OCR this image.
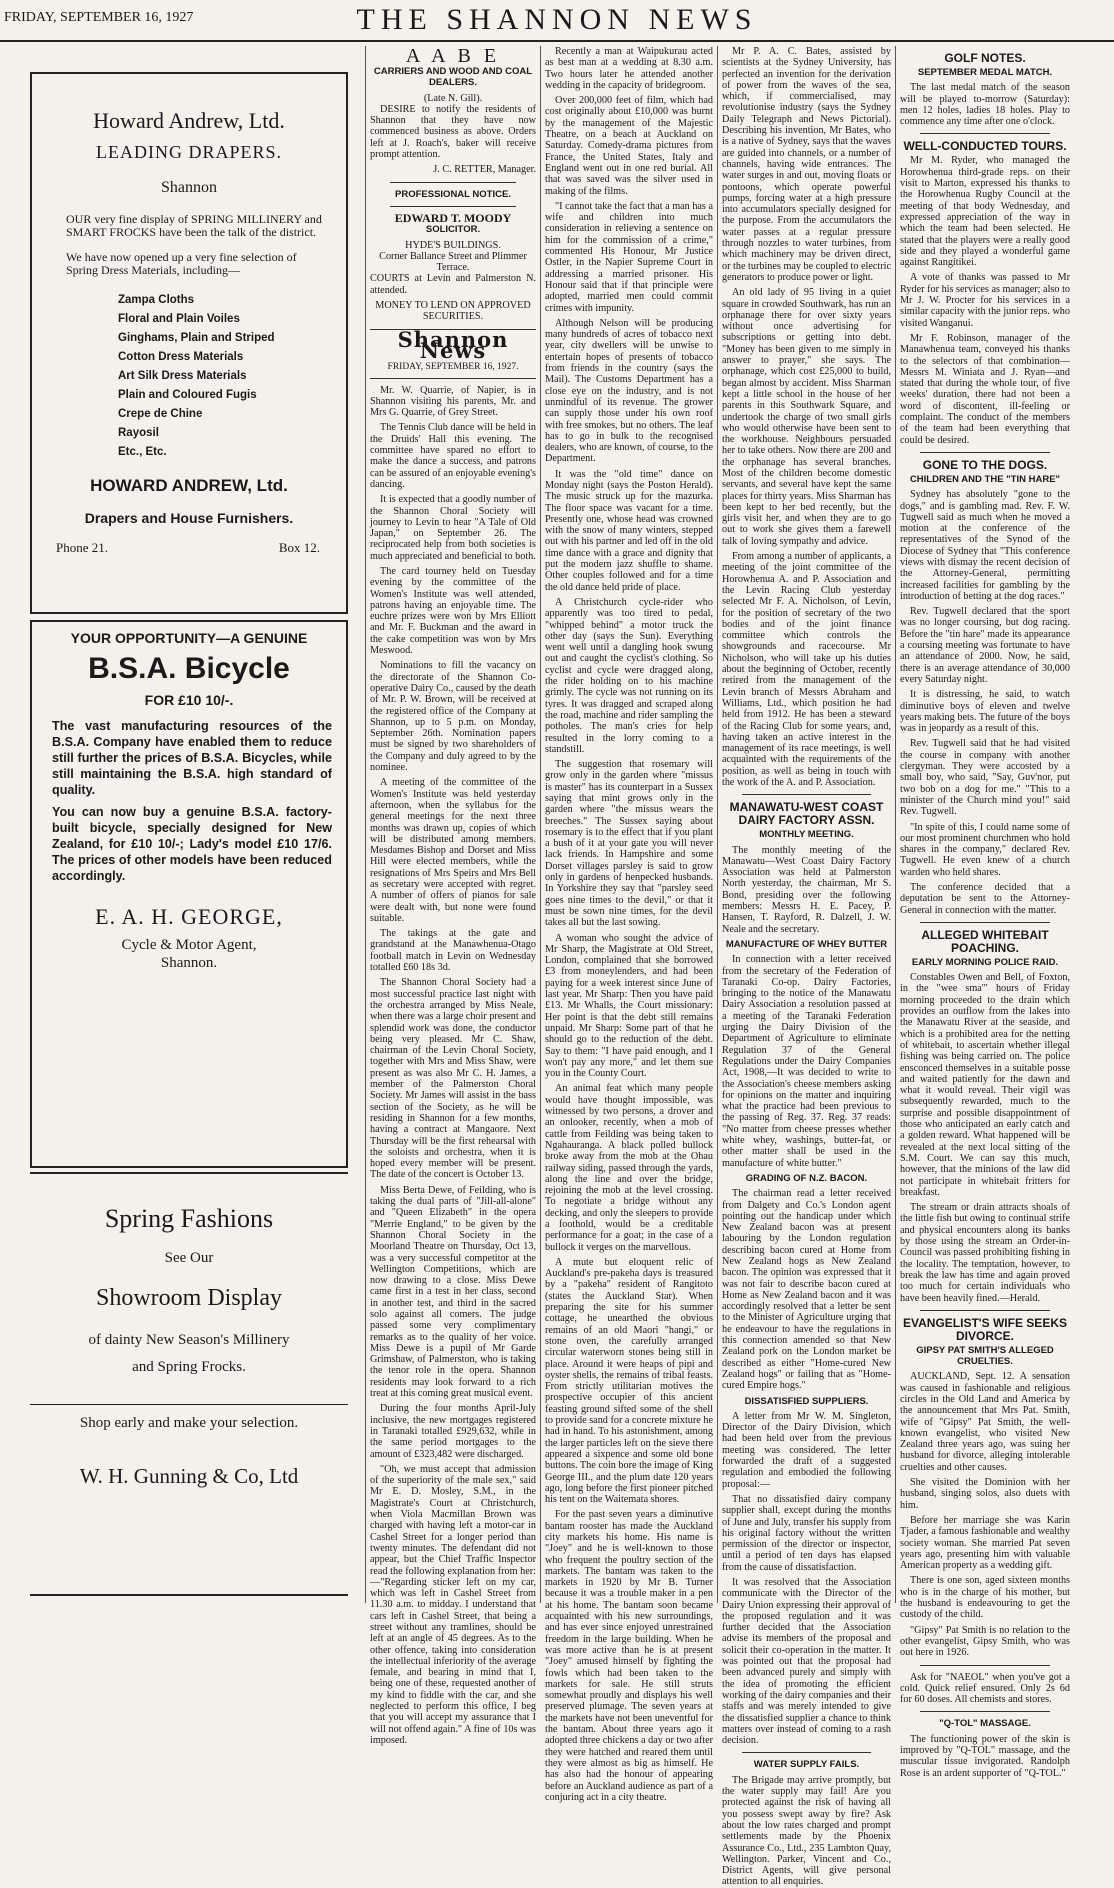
FRIDAY, SEPTEMBER 16, 1927	THE SHANNON NEWS
Howard Andrew, Ltd.
LEADING DRAPERS.
Shannon
OUR very fine display of SPRING MILLINERY and SMART FROCKS have been the talk of the district.
We have now opened up a very fine selection of Spring Dress Materials, including—
Zampa Cloths
Floral and Plain Voiles
Ginghams, Plain and Striped
Cotton Dress Materials
Art Silk Dress Materials
Plain and Coloured Fugis
Crepe de Chine
Rayosil
Etc., Etc.
HOWARD ANDREW, Ltd.
Drapers and House Furnishers.
Phone 21.	Box 12.
YOUR OPPORTUNITY—A GENUINE
B.S.A. Bicycle
FOR £10 10/-.
The vast manufacturing resources of the B.S.A. Company have enabled them to reduce still further the prices of B.S.A. Bicycles, while still maintaining the B.S.A. high standard of quality.
You can now buy a genuine B.S.A. factory-built bicycle, specially designed for New Zealand, for £10 10/-; Lady's model £10 17/6. The prices of other models have been reduced accordingly.
E. A. H. GEORGE,
Cycle & Motor Agent,
Shannon.
Spring Fashions
See Our
Showroom Display
of dainty New Season's Millinery
and Spring Frocks.
Shop early and make your selection.
W. H. Gunning & Co, Ltd
A A B E
CARRIERS AND WOOD AND COAL DEALERS.
(Late N. Gill).

DESIRE to notify the residents of Shannon that they have now commenced business as above. Orders left at J. Roach's, baker will receive prompt attention.

J. C. RETTER, Manager.
PROFESSIONAL NOTICE.
EDWARD T. MOODY
SOLICITOR.
HYDE'S BUILDINGS.
Corner Ballance Street and Plimmer Terrace.

COURTS at Levin and Palmerston N. attended.

MONEY TO LEND ON APPROVED SECURITIES.
Shannon News
FRIDAY, SEPTEMBER 16, 1927.

Mr. W. Quarrie, of Napier, is in Shannon visiting his parents, Mr. and Mrs G. Quarrie, of Grey Street.

The Tennis Club dance will be held in the Druids' Hall this evening. The committee have spared no effort to make the dance a success, and patrons can be assured of an enjoyable evening's dancing.

It is expected that a goodly number of the Shannon Choral Society will journey to Levin to hear "A Tale of Old Japan," on September 26. The reciprocated help from both societies is much appreciated and beneficial to both.

The card tourney held on Tuesday evening by the committee of the Women's Institute was well attended, patrons having an enjoyable time. The euchre prizes were won by Mrs Elliott and Mr. F. Buckman and the award in the cake competition was won by Mrs Meswood.

Nominations to fill the vacancy on the directorate of the Shannon Co-operative Dairy Co., caused by the death of Mr. P. W. Brown, will be received at the registered office of the Company at Shannon, up to 5 p.m. on Monday, September 26th. Nomination papers must be signed by two shareholders of the Company and duly agreed to by the nominee.

A meeting of the committee of the Women's Institute was held yesterday afternoon, when the syllabus for the general meetings for the next three months was drawn up, copies of which will be distributed among members. Mesdames Bishop and Dorset and Miss Hill were elected members, while the resignations of Mrs Speirs and Mrs Bell as secretary were accepted with regret. A number of offers of pianos for sale were dealt with, but none were found suitable.

The takings at the gate and grandstand at the Manawhenua-Otago football match in Levin on Wednesday totalled £60 18s 3d.

The Shannon Choral Society had a most successful practice last night with the orchestra arranged by Miss Neale, when there was a large choir present and splendid work was done, the conductor being very pleased. Mr C. Shaw, chairman of the Levin Choral Society, together with Mrs and Miss Shaw, were present as was also Mr C. H. James, a member of the Palmerston Choral Society. Mr James will assist in the bass section of the Society, as he will be residing in Shannon for a few months, having a contract at Mangaore. Next Thursday will be the first rehearsal with the soloists and orchestra, when it is hoped every member will be present. The date of the concert is October 13.

Miss Berta Dewe, of Feilding, who is taking the dual parts of "Jill-all-alone" and "Queen Elizabeth" in the opera "Merrie England," to be given by the Shannon Choral Society in the Moorland Theatre on Thursday, Oct 13, was a very successful competitor at the Wellington Competitions, which are now drawing to a close. Miss Dewe came first in a test in her class, second in another test, and third in the sacred solo against all comers. The judge passed some very complimentary remarks as to the quality of her voice. Miss Dewe is a pupil of Mr Garde Grimshaw, of Palmerston, who is taking the tenor role in the opera. Shannon residents may look forward to a rich treat at this coming great musical event.

During the four months April-July inclusive, the new mortgages registered in Taranaki totalled £929,632, while in the same period mortgages to the amount of £323,482 were discharged.

"Oh, we must accept that admission of the superiority of the male sex," said Mr E. D. Mosley, S.M., in the Magistrate's Court at Christchurch, when Viola Macmillan Brown was charged with having left a motor-car in Cashel Street for a longer period than twenty minutes. The defendant did not appear, but the Chief Traffic Inspector read the following explanation from her:—"Regarding sticker left on my car, which was left in Cashel Street from 11.30 a.m. to midday. I understand that cars left in Cashel Street, that being a street without any tramlines, should be left at an angle of 45 degrees. As to the other offence, taking into consideration the intellectual inferiority of the average female, and bearing in mind that I, being one of these, requested another of my kind to fiddle with the car, and she neglected to perform this office, I beg that you will accept my assurance that I will not offend again." A fine of 10s was imposed.

Recently a man at Waipukurau acted as best man at a wedding at 8.30 a.m. Two hours later he attended another wedding in the capacity of bridegroom.

Over 200,000 feet of film, which had cost originally about £10,000 was burnt by the management of the Majestic Theatre, on a beach at Auckland on Saturday. Comedy-drama pictures from France, the United States, Italy and England went out in one red burial. All that was saved was the silver used in making of the films.

"I cannot take the fact that a man has a wife and children into much consideration in relieving a sentence on him for the commission of a crime," commented His Honour, Mr Justice Ostler, in the Napier Supreme Court in addressing a married prisoner. His Honour said that if that principle were adopted, married men could commit crimes with impunity.

Although Nelson will be producing many hundreds of acres of tobacco next year, city dwellers will be unwise to entertain hopes of presents of tobacco from friends in the country (says the Mail). The Customs Department has a close eye on the industry, and is not unmindful of its revenue. The grower can supply those under his own roof with free smokes, but no others. The leaf has to go in bulk to the recognised dealers, who are known, of course, to the Department.

It was the "old time" dance on Monday night (says the Poston Herald). The music struck up for the mazurka. The floor space was vacant for a time. Presently one, whose head was crowned with the snow of many winters, stepped out with his partner and led off in the old time dance with a grace and dignity that put the modern jazz shuffle to shame. Other couples followed and for a time the old dance held pride of place.

A Christchurch cycle-rider who apparently was too tired to pedal, "whipped behind" a motor truck the other day (says the Sun). Everything went well until a dangling hook swung out and caught the cyclist's clothing. So cyclist and cycle were dragged along, the rider holding on to his machine grimly. The cycle was not running on its tyres. It was dragged and scraped along the road, machine and rider sampling the potholes. The man's cries for help resulted in the lorry coming to a standstill.

The suggestion that rosemary will grow only in the garden where "missus is master" has its counterpart in a Sussex saying that mint grows only in the garden where "the missus wears the breeches." The Sussex saying about rosemary is to the effect that if you plant a bush of it at your gate you will never lack friends. In Hampshire and some Dorset villages parsley is said to grow only in gardens of henpecked husbands. In Yorkshire they say that "parsley seed goes nine times to the devil," or that it must be sown nine times, for the devil takes all but the last sowing.

A woman who sought the advice of Mr Sharp, the Magistrate at Old Street, London, complained that she borrowed £3 from moneylenders, and had been paying for a week interest since June of last year. Mr Sharp: Then you have paid £13. Mr Whalls, the Court missionary: Her point is that the debt still remains unpaid. Mr Sharp: Some part of that he should go to the reduction of the debt. Say to them: "I have paid enough, and I won't pay any more," and let them sue you in the County Court.

An animal feat which many people would have thought impossible, was witnessed by two persons, a drover and an onlooker, recently, when a mob of cattle from Feilding was being taken to Ngahauranga. A black polled bullock broke away from the mob at the Ohau railway siding, passed through the yards, along the line and over the bridge, rejoining the mob at the level crossing. To negotiate a bridge without any decking, and only the sleepers to provide a foothold, would be a creditable performance for a goat; in the case of a bullock it verges on the marvellous.

A mute but eloquent relic of Auckland's pre-pakeha days is treasured by a "pakeha" resident of Rangitoto (states the Auckland Star). When preparing the site for his summer cottage, he unearthed the obvious remains of an old Maori "hangi," or stone oven, the carefully arranged circular waterworn stones being still in place. Around it were heaps of pipi and oyster shells, the remains of tribal feasts. From strictly utilitarian motives the prospective occupier of this ancient feasting ground sifted some of the shell to provide sand for a concrete mixture he had in hand. To his astonishment, among the larger particles left on the sieve there appeared a sixpence and some old bone buttons. The coin bore the image of King George III., and the plum date 120 years ago, long before the first pioneer pitched his tent on the Waitemata shores.

For the past seven years a diminutive bantam rooster has made the Auckland city markets his home. His name is "Joey" and he is well-known to those who frequent the poultry section of the markets. The bantam was taken to the markets in 1920 by Mr B. Turner because it was a trouble maker in a pen at his home. The bantam soon became acquainted with his new surroundings, and has ever since enjoyed unrestrained freedom in the large building. When he was more active than he is at present "Joey" amused himself by fighting the fowls which had been taken to the markets for sale. He still struts somewhat proudly and displays his well preserved plumage. The seven years at the markets have not been uneventful for the bantam. About three years ago it adopted three chickens a day or two after they were hatched and reared them until they were almost as big as himself. He has also had the honour of appearing before an Auckland audience as part of a conjuring act in a city theatre.

Mr P. A. C. Bates, assisted by scientists at the Sydney University, has perfected an invention for the derivation of power from the waves of the sea, which, if commercialised, may revolutionise industry (says the Sydney Daily Telegraph and News Pictorial). Describing his invention, Mr Bates, who is a native of Sydney, says that the waves are guided into channels, or a number of channels, having wide entrances. The water surges in and out, moving floats or pontoons, which operate powerful pumps, forcing water at a high pressure into accumulators specially designed for the purpose. From the accumulators the water passes at a regular pressure through nozzles to water turbines, from which machinery may be driven direct, or the turbines may be coupled to electric generators to produce power or light.

An old lady of 95 living in a quiet square in crowded Southwark, has run an orphanage there for over sixty years without once advertising for subscriptions or getting into debt. "Money has been given to me simply in answer to prayer," she says. The orphanage, which cost £25,000 to build, began almost by accident. Miss Sharman kept a little school in the house of her parents in this Southwark Square, and undertook the charge of two small girls who would otherwise have been sent to the workhouse. Neighbours persuaded her to take others. Now there are 200 and the orphanage has several branches. Most of the children become domestic servants, and several have kept the same places for thirty years. Miss Sharman has been kept to her bed recently, but the girls visit her, and when they are to go out to work she gives them a farewell talk of loving sympathy and advice.

From among a number of applicants, a meeting of the joint committee of the Horowhenua A. and P. Association and the Levin Racing Club yesterday selected Mr F. A. Nicholson, of Levin, for the position of secretary of the two bodies and of the joint finance committee which controls the showgrounds and racecourse. Mr Nicholson, who will take up his duties about the beginning of October, recently retired from the management of the Levin branch of Messrs Abraham and Williams, Ltd., which position he had held from 1912. He has been a steward of the Racing Club for some years, and, having taken an active interest in the management of its race meetings, is well acquainted with the requirements of the position, as well as being in touch with the work of the A. and P. Association.

MANAWATU-WEST COAST DAIRY FACTORY ASSN.
MONTHLY MEETING.

The monthly meeting of the Manawatu—West Coast Dairy Factory Association was held at Palmerston North yesterday, the chairman, Mr S. Bond, presiding over the following members: Messrs H. E. Pacey, P. Hansen, T. Rayford, R. Dalzell, J. W. Neale and the secretary.

MANUFACTURE OF WHEY BUTTER

In connection with a letter received from the secretary of the Federation of Taranaki Co-op. Dairy Factories, bringing to the notice of the Manawatu Dairy Association a resolution passed at a meeting of the Taranaki Federation urging the Dairy Division of the Department of Agriculture to eliminate Regulation 37 of the General Regulations under the Dairy Companies Act, 1908,—It was decided to write to the Association's cheese members asking for opinions on the matter and inquiring what the practice had been previous to the passing of Reg. 37. Reg. 37 reads: "No matter from cheese presses whether white whey, washings, butter-fat, or other matter shall be used in the manufacture of white butter."

GRADING OF N.Z. BACON.

The chairman read a letter received from Dalgety and Co.'s London agent pointing out the handicap under which New Zealand bacon was at present labouring by the London regulation describing bacon cured at Home from New Zealand hogs as New Zealand bacon. The opinion was expressed that it was not fair to describe bacon cured at Home as New Zealand bacon and it was accordingly resolved that a letter be sent to the Minister of Agriculture urging that he endeavour to have the regulations in this connection amended so that New Zealand pork on the London market be described as either "Home-cured New Zealand hogs" or failing that as "Home-cured Empire hogs."

DISSATISFIED SUPPLIERS.

A letter from Mr W. M. Singleton, Director of the Dairy Division, which had been held over from the previous meeting was considered. The letter forwarded the draft of a suggested regulation and embodied the following proposal:—

That no dissatisfied dairy company supplier shall, except during the months of June and July, transfer his supply from his original factory without the written permission of the director or inspector, until a period of ten days has elapsed from the cause of dissatisfaction.

It was resolved that the Association communicate with the Director of the Dairy Union expressing their approval of the proposed regulation and it was further decided that the Association advise its members of the proposal and solicit their co-operation in the matter. It was pointed out that the proposal had been advanced purely and simply with the idea of promoting the efficient working of the dairy companies and their staffs and was merely intended to give the dissatisfied supplier a chance to think matters over instead of coming to a rash decision.

WATER SUPPLY FAILS.

The Brigade may arrive promptly, but the water supply may fail! Are you protected against the risk of having all you possess swept away by fire? Ask about the low rates charged and prompt settlements made by the Phoenix Assurance Co., Ltd., 235 Lambton Quay, Wellington. Parker, Vincent and Co., District Agents, will give personal attention to all enquiries.

GOLF NOTES.
SEPTEMBER MEDAL MATCH.

The last medal match of the season will be played to-morrow (Saturday): men 12 holes, ladies 18 holes. Play to commence any time after one o'clock.

WELL-CONDUCTED TOURS.

Mr M. Ryder, who managed the Horowhenua third-grade reps. on their visit to Marton, expressed his thanks to the Horowhenua Rugby Council at the meeting of that body Wednesday, and expressed appreciation of the way in which the team had been selected. He stated that the players were a really good side and they played a wonderful game against Rangitikei.

A vote of thanks was passed to Mr Ryder for his services as manager; also to Mr J. W. Procter for his services in a similar capacity with the junior reps. who visited Wanganui.

Mr F. Robinson, manager of the Manawhenua team, conveyed his thanks to the selectors of that combination—Messrs M. Winiata and J. Ryan—and stated that during the whole tour, of five weeks' duration, there had not been a word of discontent, ill-feeling or complaint. The conduct of the members of the team had been everything that could be desired.

GONE TO THE DOGS.
CHILDREN AND THE "TIN HARE"

Sydney has absolutely "gone to the dogs," and is gambling mad. Rev. F. W. Tugwell said as much when he moved a motion at the conference of the representatives of the Synod of the Diocese of Sydney that "This conference views with dismay the recent decision of the Attorney-General, permitting increased facilities for gambling by the introduction of betting at the dog races."

Rev. Tugwell declared that the sport was no longer coursing, but dog racing. Before the "tin hare" made its appearance a coursing meeting was fortunate to have an attendance of 2000. Now, he said, there is an average attendance of 30,000 every Saturday night.

It is distressing, he said, to watch diminutive boys of eleven and twelve years making bets. The future of the boys was in jeopardy as a result of this.

Rev. Tugwell said that he had visited the course in company with another clergyman. They were accosted by a small boy, who said, "Say, Guv'nor, put two bob on a dog for me." "This to a minister of the Church mind you!" said Rev. Tugwell.

"In spite of this, I could name some of our most prominent churchmen who hold shares in the company," declared Rev. Tugwell. He even knew of a church warden who held shares.

The conference decided that a deputation be sent to the Attorney-General in connection with the matter.

ALLEGED WHITEBAIT POACHING.
EARLY MORNING POLICE RAID.

Constables Owen and Bell, of Foxton, in the "wee sma'" hours of Friday morning proceeded to the drain which provides an outflow from the lakes into the Manawatu River at the seaside, and which is a prohibited area for the netting of whitebait, to ascertain whether illegal fishing was being carried on. The police ensconced themselves in a suitable posse and waited patiently for the dawn and what it would reveal. Their vigil was subsequently rewarded, much to the surprise and possible disappointment of those who anticipated an early catch and a golden reward. What happened will be revealed at the next local sitting of the S.M. Court. We can say this much, however, that the minions of the law did not participate in whitebait fritters for breakfast.

The stream or drain attracts shoals of the little fish but owing to continual strife and physical encounters along its banks by those using the stream an Order-in-Council was passed prohibiting fishing in the locality. The temptation, however, to break the law has time and again proved too much for certain individuals who have been heavily fined.—Herald.

EVANGELIST'S WIFE SEEKS DIVORCE.
GIPSY PAT SMITH'S ALLEGED CRUELTIES.

AUCKLAND, Sept. 12. A sensation was caused in fashionable and religious circles in the Old Land and America by the announcement that Mrs Pat. Smith, wife of "Gipsy" Pat Smith, the well-known evangelist, who visited New Zealand three years ago, was suing her husband for divorce, alleging intolerable cruelties and other causes.

She visited the Dominion with her husband, singing solos, also duets with him.

Before her marriage she was Karin Tjader, a famous fashionable and wealthy society woman. She married Pat seven years ago, presenting him with valuable American property as a wedding gift.

There is one son, aged sixteen months who is in the charge of his mother, but the husband is endeavouring to get the custody of the child.

"Gipsy" Pat Smith is no relation to the other evangelist, Gipsy Smith, who was out here in 1926.

Ask for "NAEOL" when you've got a cold. Quick relief ensured. Only 2s 6d for 60 doses. All chemists and stores.

"Q-TOL" MASSAGE.

The functioning power of the skin is improved by "Q-TOL" massage, and the muscular tissue invigorated. Randolph Rose is an ardent supporter of "Q-TOL."
